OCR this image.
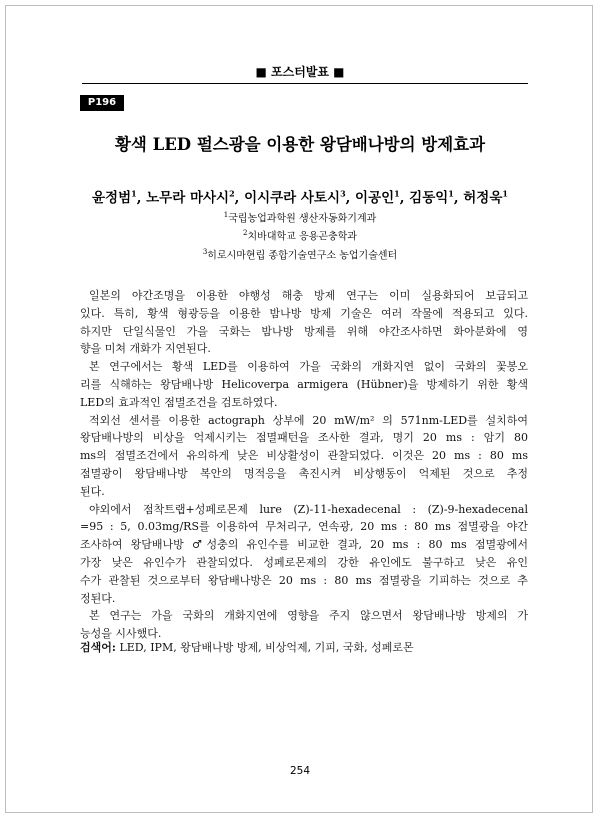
■ 포스터발표 ■
P196
황색 LED 펄스광을 이용한 왕담배나방의 방제효과
윤정범$^1$, 노무라 마사시$^2$, 이시쿠라 사토시$^3$, 이공인$^1$, 김동익$^1$, 허정욱$^1$
$^1$국립농업과학원 생산자동화기계과
$^2$치바대학교 응용곤충학과
$^3$히로시마현립 종합기술연구소 농업기술센터
일본의 야간조명을 이용한 야행성 해충 방제 연구는 이미 실용화되어 보급되고
있다. 특히, 황색 형광등을 이용한 밤나방 방제 기술은 여러 작물에 적용되고 있다.
하지만 단일식물인 가을 국화는 밤나방 방제를 위해 야간조사하면 화아분화에 영
향을 미쳐 개화가 지연된다.
본 연구에서는 황색 LED를 이용하여 가을 국화의 개화지연 없이 국화의 꽃봉오
리를 식해하는 왕담배나방 Helicoverpa armigera (Hübner)을 방제하기 위한 황색
LED의 효과적인 점멸조건을 검토하였다.
적외선 센서를 이용한 actograph 상부에 20 mW/m² 의 571nm-LED를 설치하여
왕담배나방의 비상을 억제시키는 점멸패턴을 조사한 결과, 명기 20 ms : 암기 80
ms의 점멸조건에서 유의하게 낮은 비상활성이 관찰되었다. 이것은 20 ms : 80 ms
점멸광이 왕담배나방 복안의 명적응을 촉진시켜 비상행동이 억제된 것으로 추정
된다.
야외에서 점착트랩+성페로몬제 lure (Z)-11-hexadecenal : (Z)-9-hexadecenal
=95 : 5, 0.03mg/RS를 이용하여 무처리구, 연속광, 20 ms : 80 ms 점멸광을 야간
조사하여 왕담배나방 ♂성충의 유인수를 비교한 결과, 20 ms : 80 ms 점멸광에서
가장 낮은 유인수가 관찰되었다. 성페로몬제의 강한 유인에도 불구하고 낮은 유인
수가 관찰된 것으로부터 왕담배나방은 20 ms : 80 ms 점멸광을 기피하는 것으로 추
정된다.
본 연구는 가을 국화의 개화지연에 영향을 주지 않으면서 왕담배나방 방제의 가
능성을 시사했다.
검색어: LED, IPM, 왕담배나방 방제, 비상억제, 기피, 국화, 성페로몬
254
